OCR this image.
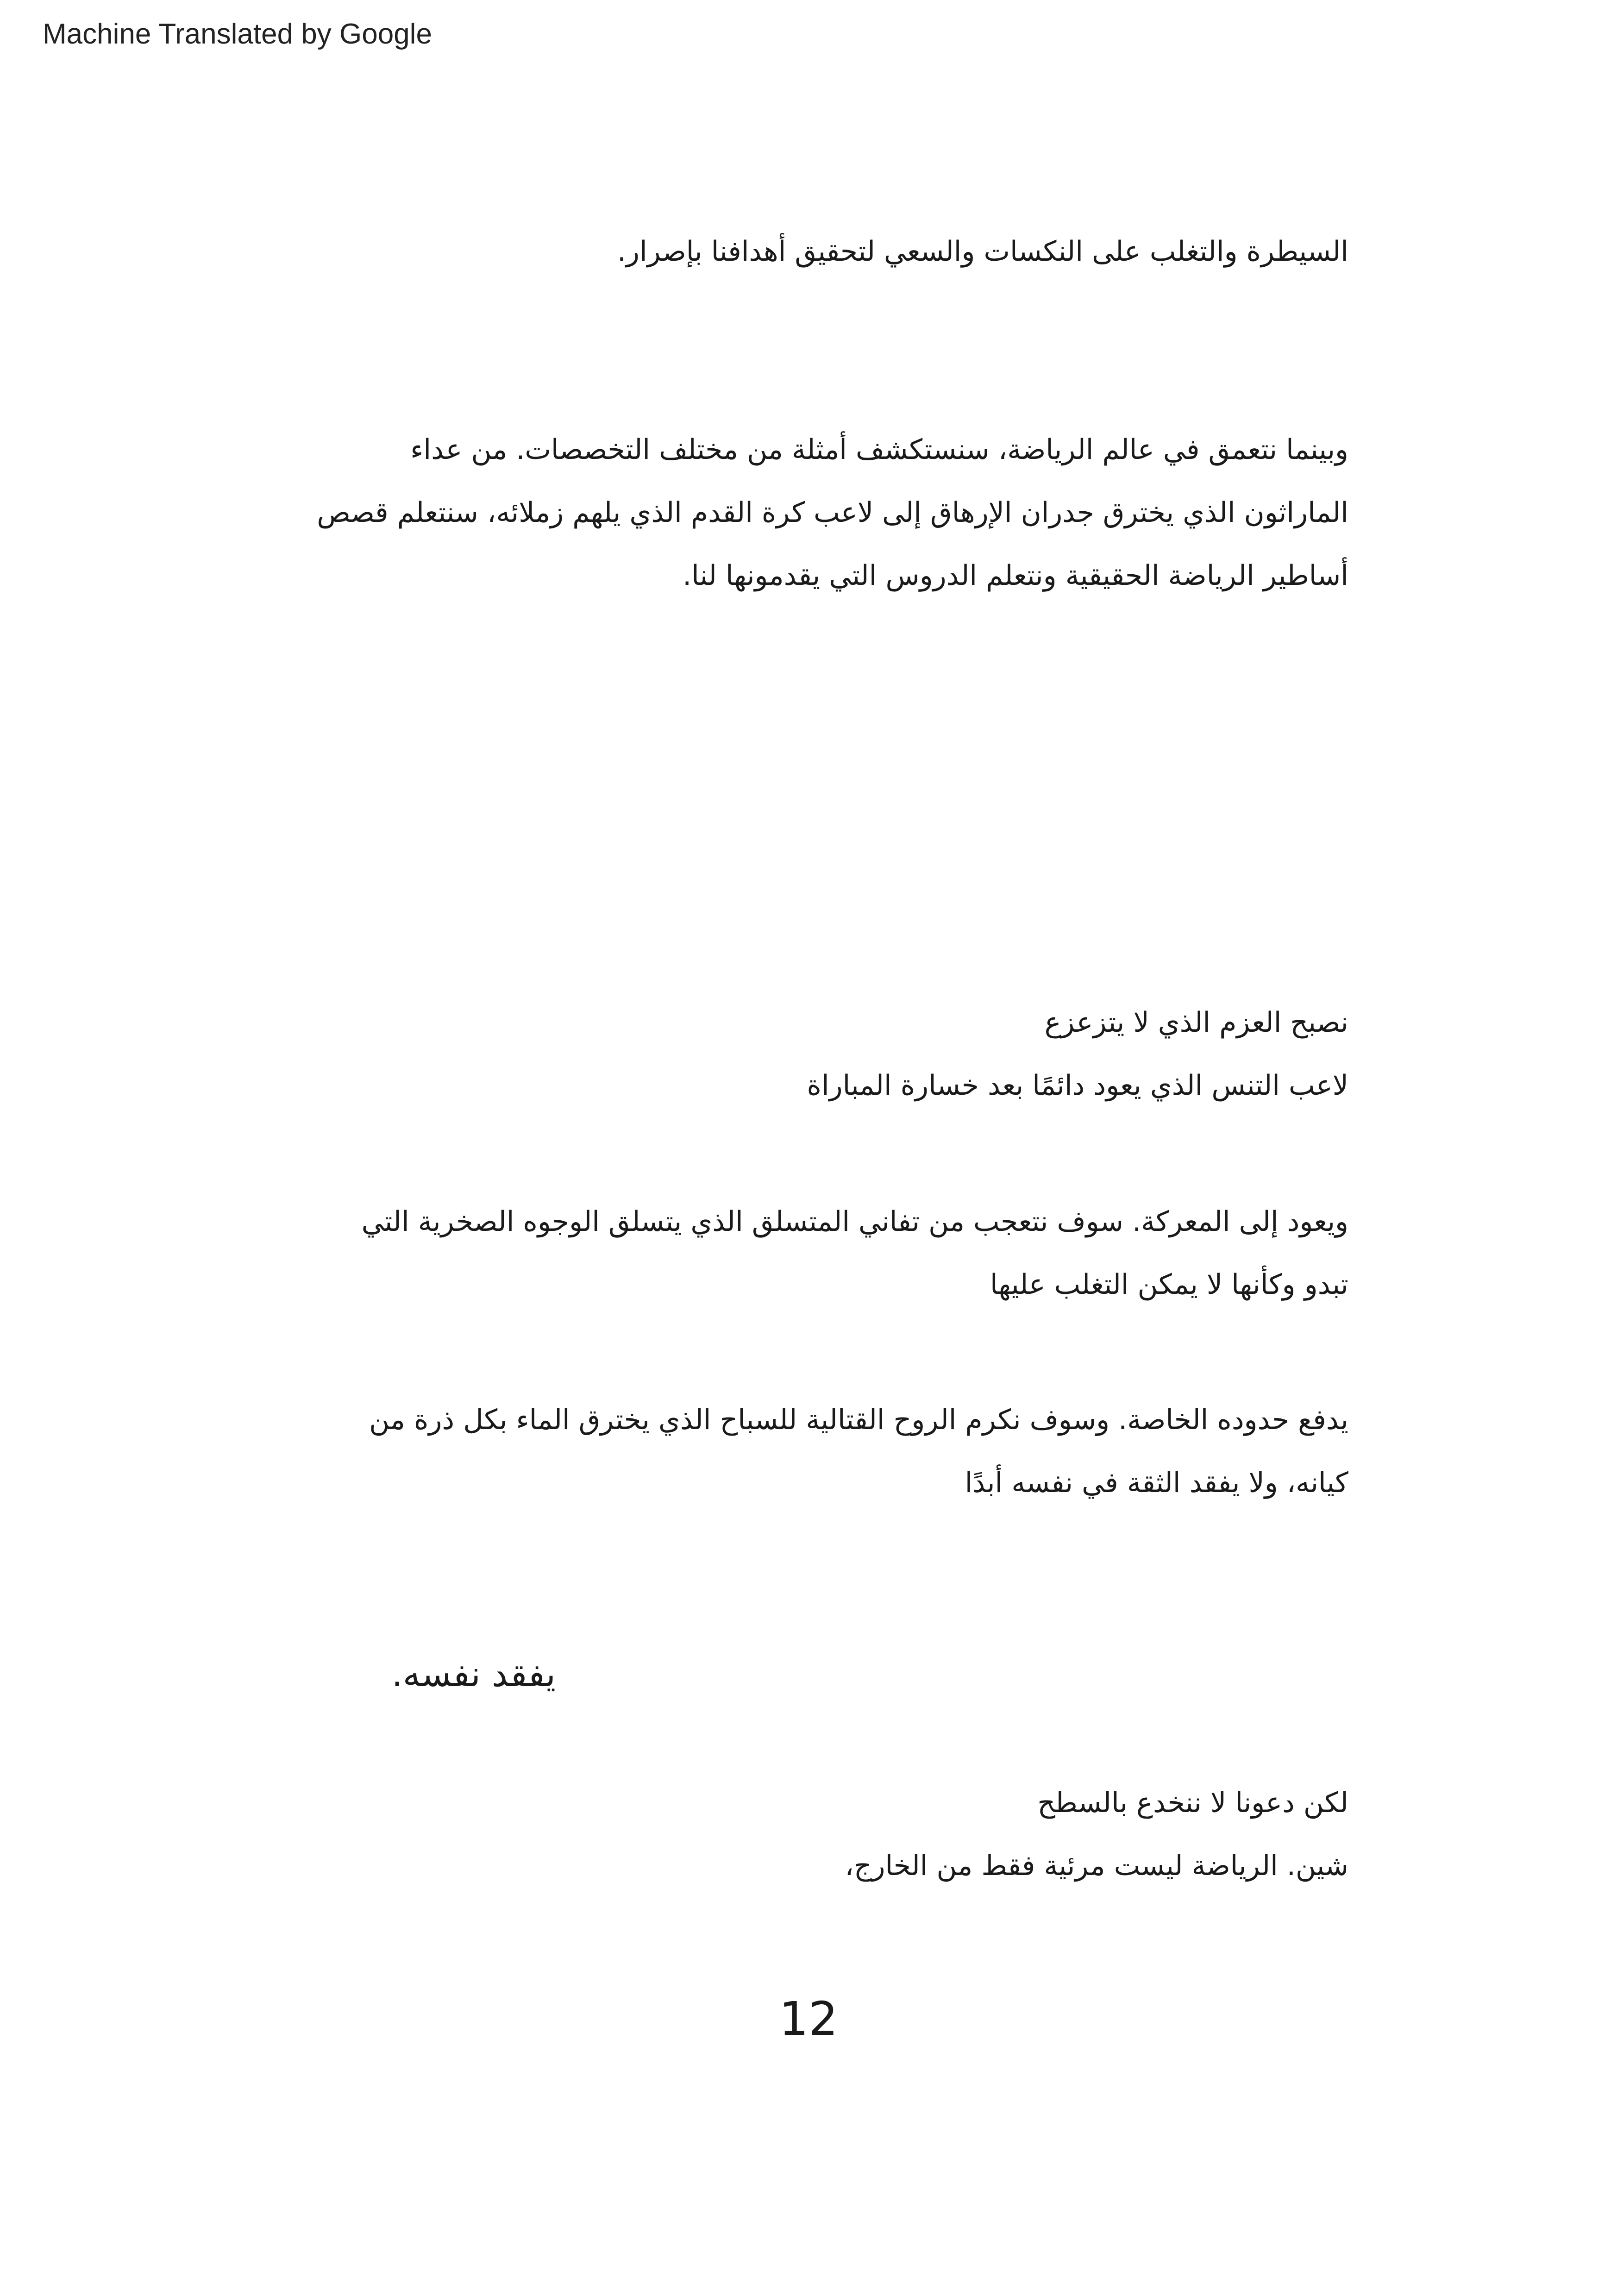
Machine Translated by Google
السيطرة والتغلب على النكسات والسعي لتحقيق أهدافنا بإصرار.
وبينما نتعمق في عالم الرياضة، سنستكشف أمثلة من مختلف التخصصات. من عداء
الماراثون الذي يخترق جدران الإرهاق إلى لاعب كرة القدم الذي يلهم زملائه، سنتعلم قصص
أساطير الرياضة الحقيقية ونتعلم الدروس التي يقدمونها لنا.
نصبح العزم الذي لا يتزعزع
لاعب التنس الذي يعود دائمًا بعد خسارة المباراة
ويعود إلى المعركة. سوف نتعجب من تفاني المتسلق الذي يتسلق الوجوه الصخرية التي
تبدو وكأنها لا يمكن التغلب عليها
يدفع حدوده الخاصة. وسوف نكرم الروح القتالية للسباح الذي يخترق الماء بكل ذرة من
كيانه، ولا يفقد الثقة في نفسه أبدًا
يفقد نفسه.
لكن دعونا لا ننخدع بالسطح
شين. الرياضة ليست مرئية فقط من الخارج،
12
